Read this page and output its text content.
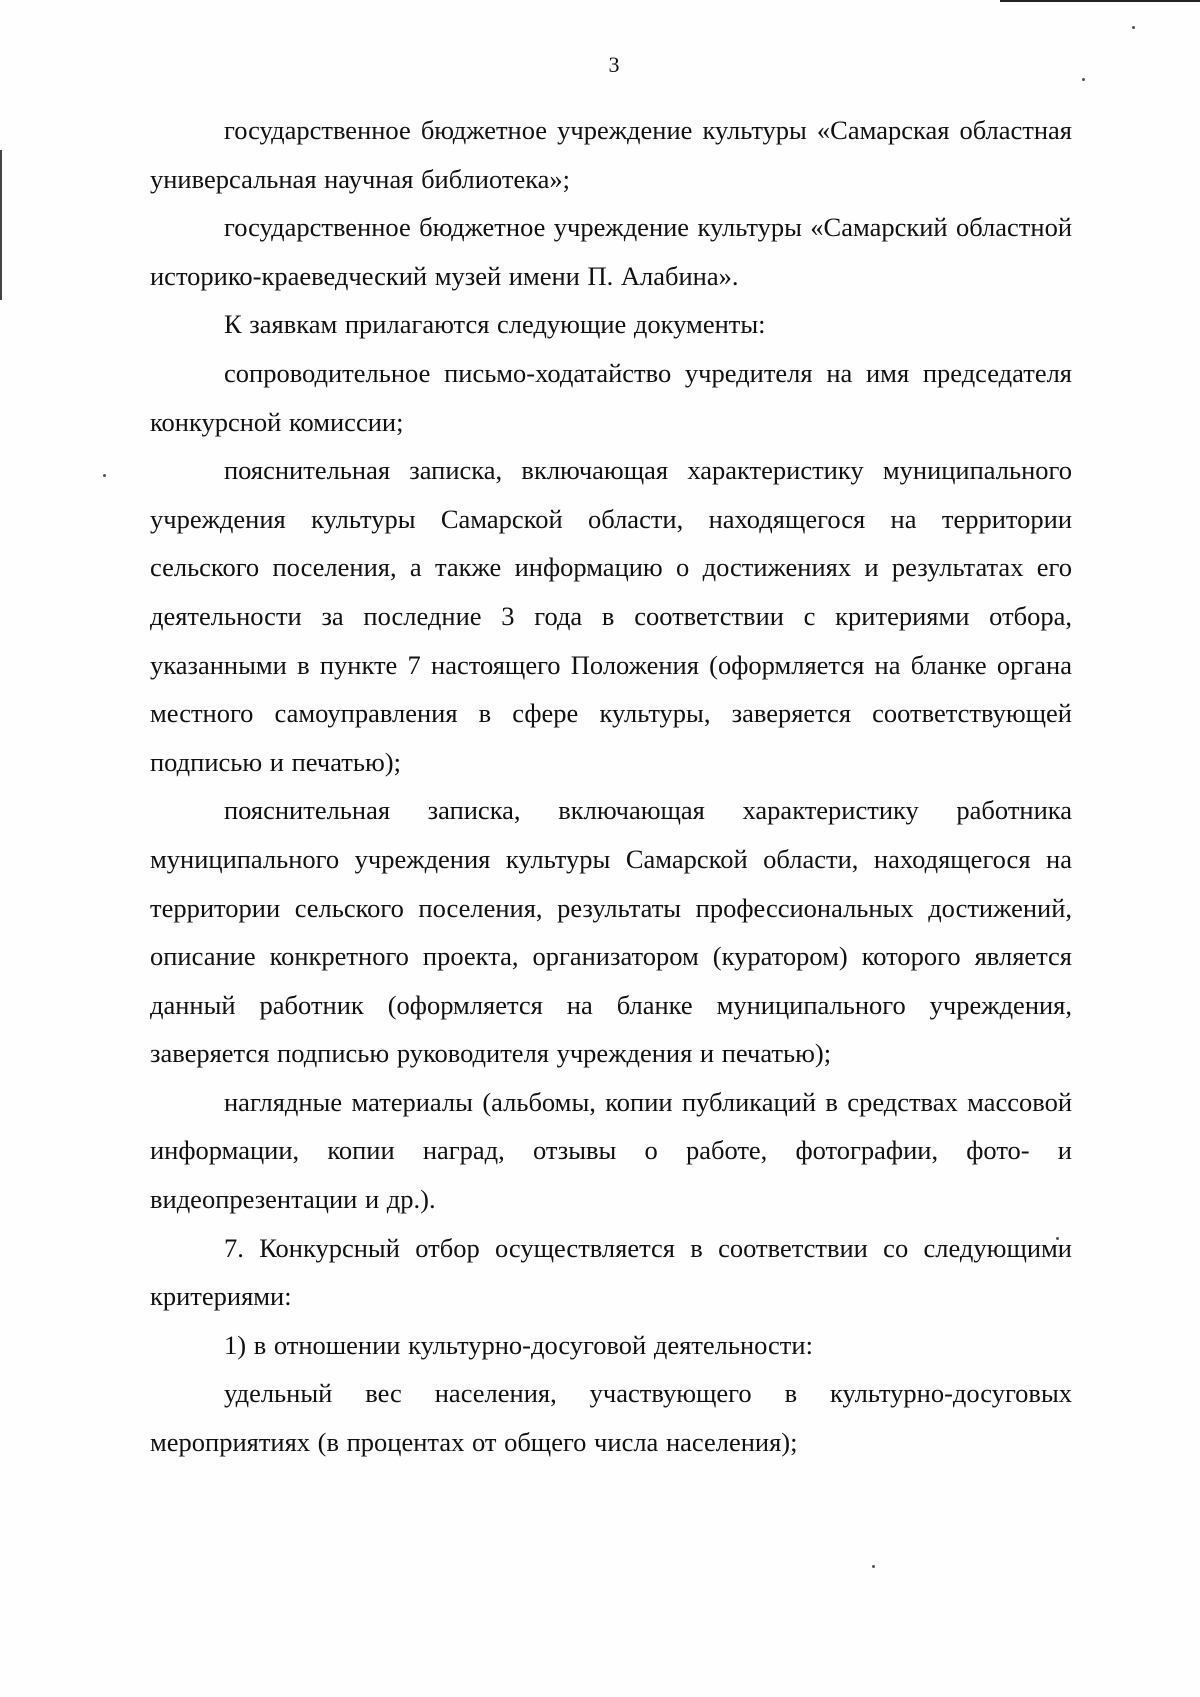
3

государственное бюджетное учреждение культуры «Самарская областная универсальная научная библиотека»;

государственное бюджетное учреждение культуры «Самарский областной историко-краеведческий музей имени П. Алабина».

К заявкам прилагаются следующие документы:

сопроводительное письмо-ходатайство учредителя на имя председателя конкурсной комиссии;

пояснительная записка, включающая характеристику муниципального учреждения культуры Самарской области, находящегося на территории сельского поселения, а также информацию о достижениях и результатах его деятельности за последние 3 года в соответствии с критериями отбора, указанными в пункте 7 настоящего Положения (оформляется на бланке органа местного самоуправления в сфере культуры, заверяется соответствующей подписью и печатью);

пояснительная записка, включающая характеристику работника муниципального учреждения культуры Самарской области, находящегося на территории сельского поселения, результаты профессиональных достижений, описание конкретного проекта, организатором (куратором) которого является данный работник (оформляется на бланке муниципального учреждения, заверяется подписью руководителя учреждения и печатью);

наглядные материалы (альбомы, копии публикаций в средствах массовой информации, копии наград, отзывы о работе, фотографии, фото- и видеопрезентации и др.).

7. Конкурсный отбор осуществляется в соответствии со следующими критериями:

1) в отношении культурно-досуговой деятельности:

удельный вес населения, участвующего в культурно-досуговых мероприятиях (в процентах от общего числа населения);
